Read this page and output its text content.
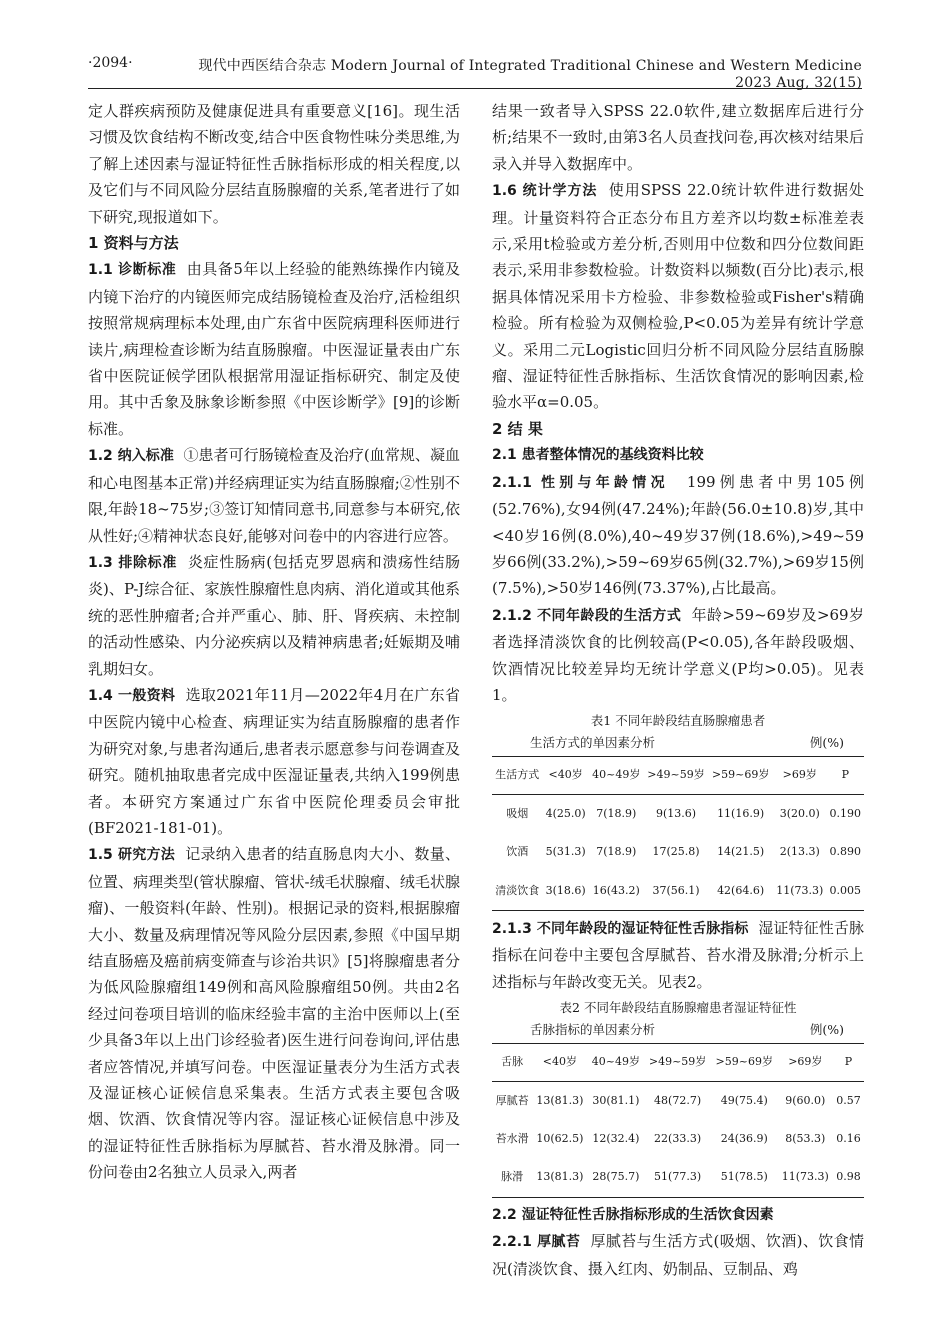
·2094·	现代中西医结合杂志 Modern Journal of Integrated Traditional Chinese and Western Medicine 2023 Aug, 32(15)

定人群疾病预防及健康促进具有重要意义[16]。现生活习惯及饮食结构不断改变,结合中医食物性味分类思维,为了解上述因素与湿证特征性舌脉指标形成的相关程度,以及它们与不同风险分层结直肠腺瘤的关系,笔者进行了如下研究,现报道如下。

1 资料与方法

1.1 诊断标准 由具备5年以上经验的能熟练操作内镜及内镜下治疗的内镜医师完成结肠镜检查及治疗,活检组织按照常规病理标本处理,由广东省中医院病理科医师进行读片,病理检查诊断为结直肠腺瘤。中医湿证量表由广东省中医院证候学团队根据常用湿证指标研究、制定及使用。其中舌象及脉象诊断参照《中医诊断学》[9]的诊断标准。

1.2 纳入标准 ①患者可行肠镜检查及治疗(血常规、凝血和心电图基本正常)并经病理证实为结直肠腺瘤;②性别不限,年龄18~75岁;③签订知情同意书,同意参与本研究,依从性好;④精神状态良好,能够对问卷中的内容进行应答。

1.3 排除标准 炎症性肠病(包括克罗恩病和溃疡性结肠炎)、P-J综合征、家族性腺瘤性息肉病、消化道或其他系统的恶性肿瘤者;合并严重心、肺、肝、肾疾病、未控制的活动性感染、内分泌疾病以及精神病患者;妊娠期及哺乳期妇女。

1.4 一般资料 选取2021年11月—2022年4月在广东省中医院内镜中心检查、病理证实为结直肠腺瘤的患者作为研究对象,与患者沟通后,患者表示愿意参与问卷调查及研究。随机抽取患者完成中医湿证量表,共纳入199例患者。本研究方案通过广东省中医院伦理委员会审批(BF2021-181-01)。

1.5 研究方法 记录纳入患者的结直肠息肉大小、数量、位置、病理类型(管状腺瘤、管状-绒毛状腺瘤、绒毛状腺瘤)、一般资料(年龄、性别)。根据记录的资料,根据腺瘤大小、数量及病理情况等风险分层因素,参照《中国早期结直肠癌及癌前病变筛查与诊治共识》[5]将腺瘤患者分为低风险腺瘤组149例和高风险腺瘤组50例。共由2名经过问卷项目培训的临床经验丰富的主治中医师以上(至少具备3年以上出门诊经验者)医生进行问卷询问,评估患者应答情况,并填写问卷。中医湿证量表分为生活方式表及湿证核心证候信息采集表。生活方式表主要包含吸烟、饮酒、饮食情况等内容。湿证核心证候信息中涉及的湿证特征性舌脉指标为厚腻苔、苔水滑及脉滑。同一份问卷由2名独立人员录入,两者

结果一致者导入SPSS 22.0软件,建立数据库后进行分析;结果不一致时,由第3名人员查找问卷,再次核对结果后录入并导入数据库中。

1.6 统计学方法 使用SPSS 22.0统计软件进行数据处理。计量资料符合正态分布且方差齐以均数±标准差表示,采用t检验或方差分析,否则用中位数和四分位数间距表示,采用非参数检验。计数资料以频数(百分比)表示,根据具体情况采用卡方检验、非参数检验或Fisher's精确检验。所有检验为双侧检验,P<0.05为差异有统计学意义。采用二元Logistic回归分析不同风险分层结直肠腺瘤、湿证特征性舌脉指标、生活饮食情况的影响因素,检验水平α=0.05。

2 结 果

2.1 患者整体情况的基线资料比较

2.1.1 性别与年龄情况 199例患者中男105例(52.76%),女94例(47.24%);年龄(56.0±10.8)岁,其中<40岁16例(8.0%),40~49岁37例(18.6%),>49~59岁66例(33.2%),>59~69岁65例(32.7%),>69岁15例(7.5%),>50岁146例(73.37%),占比最高。

2.1.2 不同年龄段的生活方式 年龄>59~69岁及>69岁者选择清淡饮食的比例较高(P<0.05),各年龄段吸烟、饮酒情况比较差异均无统计学意义(P均>0.05)。见表1。

表1 不同年龄段结直肠腺瘤患者
生活方式的单因素分析	例(%)
生活方式	<40岁	40~49岁	>49~59岁	>59~69岁	>69岁	P
吸烟	4(25.0)	7(18.9)	9(13.6)	11(16.9)	3(20.0)	0.190
饮酒	5(31.3)	7(18.9)	17(25.8)	14(21.5)	2(13.3)	0.890
清淡饮食	3(18.6)	16(43.2)	37(56.1)	42(64.6)	11(73.3)	0.005

2.1.3 不同年龄段的湿证特征性舌脉指标 湿证特征性舌脉指标在问卷中主要包含厚腻苔、苔水滑及脉滑;分析示上述指标与年龄改变无关。见表2。

表2 不同年龄段结直肠腺瘤患者湿证特征性
舌脉指标的单因素分析	例(%)
舌脉	<40岁	40~49岁	>49~59岁	>59~69岁	>69岁	P
厚腻苔	13(81.3)	30(81.1)	48(72.7)	49(75.4)	9(60.0)	0.57
苔水滑	10(62.5)	12(32.4)	22(33.3)	24(36.9)	8(53.3)	0.16
脉滑	13(81.3)	28(75.7)	51(77.3)	51(78.5)	11(73.3)	0.98

2.2 湿证特征性舌脉指标形成的生活饮食因素

2.2.1 厚腻苔 厚腻苔与生活方式(吸烟、饮酒)、饮食情况(清淡饮食、摄入红肉、奶制品、豆制品、鸡
